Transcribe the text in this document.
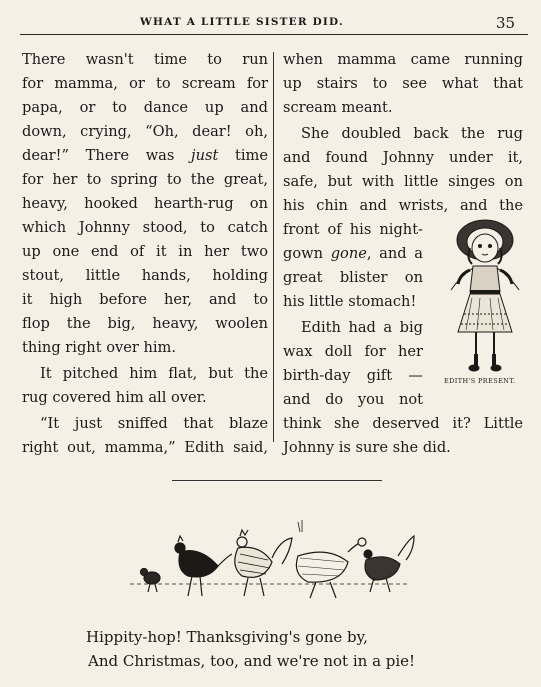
WHAT A LITTLE SISTER DID.	35

There wasn't time to run

for mamma, or to scream for

papa, or to dance up and

down, crying, “Oh, dear! oh,

dear!” There was just time

for her to spring to the great,

heavy, hooked hearth-rug on

which Johnny stood, to catch

up one end of it in her two

stout, little hands, holding

it high before her, and to

flop the big, heavy, woolen

thing right over him.

It pitched him flat, but the

rug covered him all over.

“It just sniffed that blaze

right out, mamma,” Edith said,

when mamma came running

up stairs to see what that

scream meant.

She doubled back the rug

and found Johnny under it,

safe, but with little singes on

his chin and wrists, and the

front of his night-

gown gone, and a

great blister on

his little stomach!

Edith had a big

wax doll for her

birth-day gift —

and do you not

think she deserved it? Little

Johnny is sure she did.

EDITH'S PRESENT.
Hippity-hop! Thanksgiving's gone by,
And Christmas, too, and we're not in a pie!
